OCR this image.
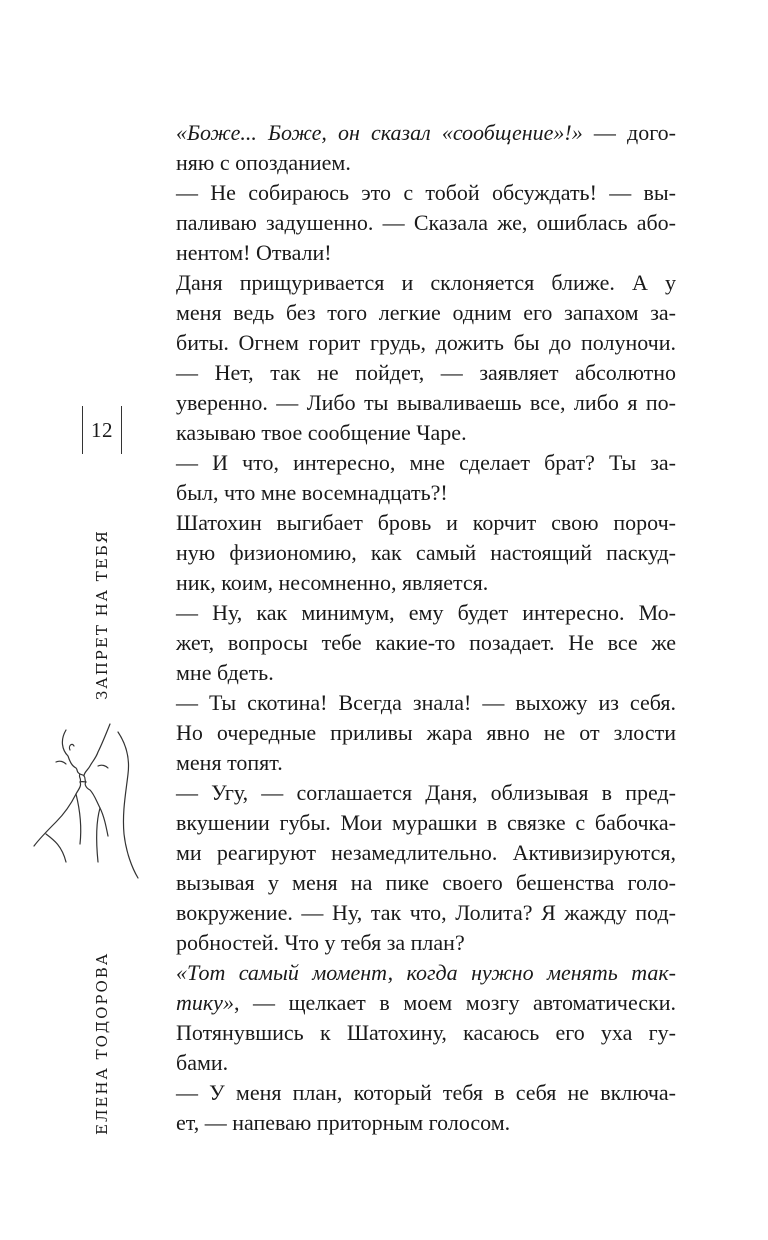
12
ЗАПРЕТ НА ТЕБЯ
ЕЛЕНА ТОДОРОВА
«Боже... Боже, он сказал «сообщение»!» — дого-
няю с опозданием.
— Не собираюсь это с тобой обсуждать! — вы-
паливаю задушенно. — Сказала же, ошиблась або-
нентом! Отвали!
Даня прищуривается и склоняется ближе. А у
меня ведь без того легкие одним его запахом за-
биты. Огнем горит грудь, дожить бы до полуночи.
— Нет, так не пойдет, — заявляет абсолютно
уверенно. — Либо ты вываливаешь все, либо я по-
казываю твое сообщение Чаре.
— И что, интересно, мне сделает брат? Ты за-
был, что мне восемнадцать?!
Шатохин выгибает бровь и корчит свою пороч-
ную физиономию, как самый настоящий паскуд-
ник, коим, несомненно, является.
— Ну, как минимум, ему будет интересно. Мо-
жет, вопросы тебе какие-то позадает. Не все же
мне бдеть.
— Ты скотина! Всегда знала! — выхожу из себя.
Но очередные приливы жара явно не от злости
меня топят.
— Угу, — соглашается Даня, облизывая в пред-
вкушении губы. Мои мурашки в связке с бабочка-
ми реагируют незамедлительно. Активизируются,
вызывая у меня на пике своего бешенства голо-
вокружение. — Ну, так что, Лолита? Я жажду под-
робностей. Что у тебя за план?
«Тот самый момент, когда нужно менять так-
тику», — щелкает в моем мозгу автоматически.
Потянувшись к Шатохину, касаюсь его уха гу-
бами.
— У меня план, который тебя в себя не включа-
ет, — напеваю приторным голосом.
